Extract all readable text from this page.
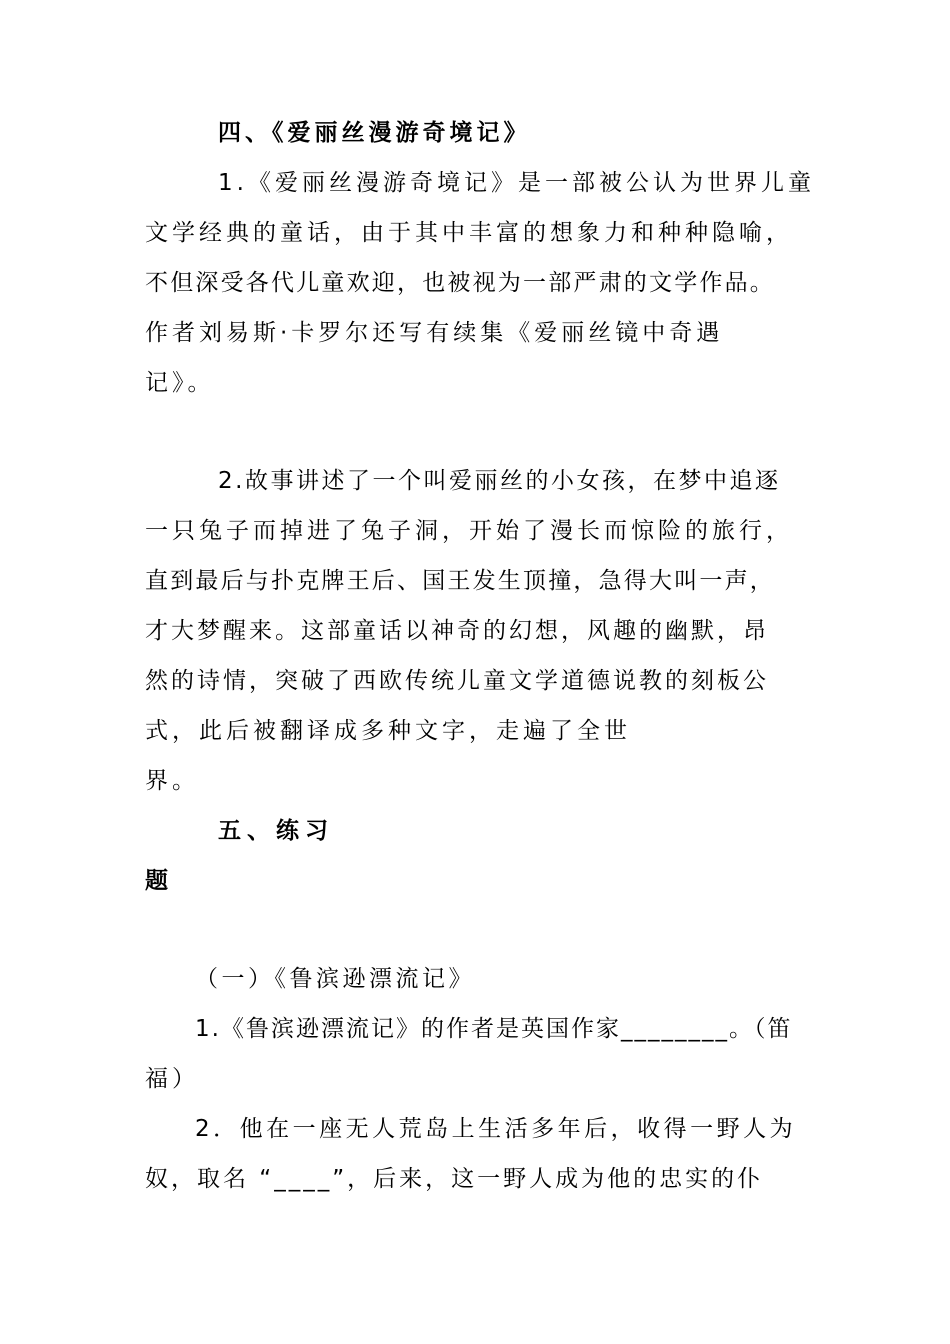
四、《爱丽丝漫游奇境记》
1.《爱丽丝漫游奇境记》是一部被公认为世界儿童
文学经典的童话，由于其中丰富的想象力和种种隐喻，
不但深受各代儿童欢迎，也被视为一部严肃的文学作品。
作者刘易斯·卡罗尔还写有续集《爱丽丝镜中奇遇
记》。
2.故事讲述了一个叫爱丽丝的小女孩，在梦中追逐
一只兔子而掉进了兔子洞，开始了漫长而惊险的旅行，
直到最后与扑克牌王后、国王发生顶撞，急得大叫一声，
才大梦醒来。这部童话以神奇的幻想，风趣的幽默，昂
然的诗情，突破了西欧传统儿童文学道德说教的刻板公
式，此后被翻译成多种文字，走遍了全世
界。
五、练习
题
（一）《鲁滨逊漂流记》
1.《鲁滨逊漂流记》的作者是英国作家________。（笛
福）
2．他在一座无人荒岛上生活多年后，收得一野人为
奴，取名 “____”，后来，这一野人成为他的忠实的仆
